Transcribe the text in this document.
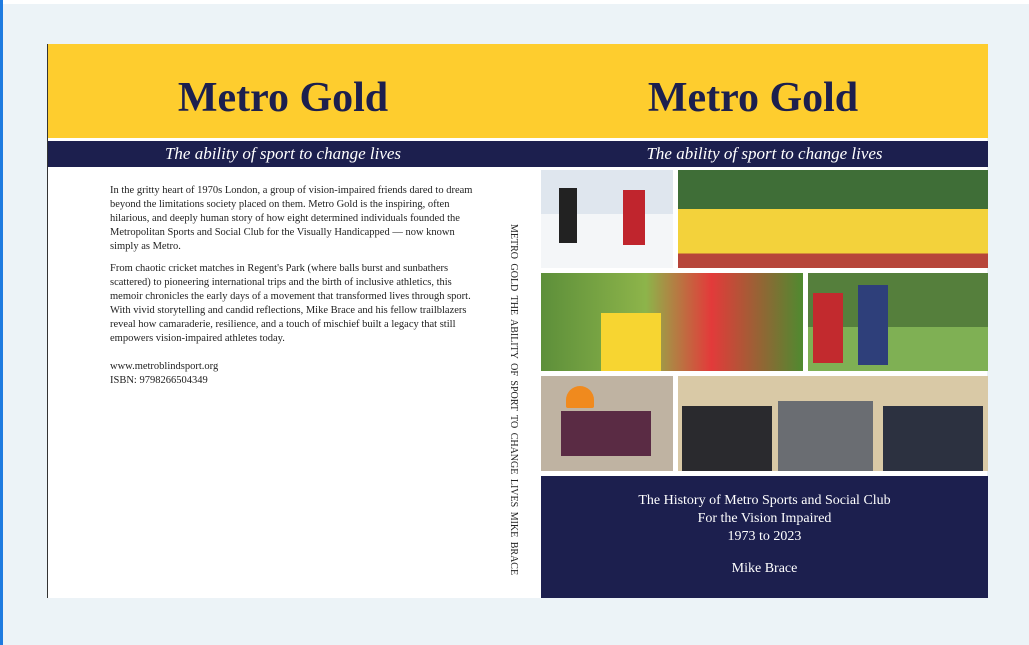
Metro Gold	Metro Gold
The ability of sport to change lives	The ability of sport to change lives

In the gritty heart of 1970s London, a group of vision-impaired friends dared to dream beyond the limitations society placed on them. Metro Gold is the inspiring, often hilarious, and deeply human story of how eight determined individuals founded the Metropolitan Sports and Social Club for the Visually Handicapped — now known simply as Metro.

From chaotic cricket matches in Regent's Park (where balls burst and sunbathers scattered) to pioneering international trips and the birth of inclusive athletics, this memoir chronicles the early days of a movement that transformed lives through sport. With vivid storytelling and candid reflections, Mike Brace and his fellow trailblazers reveal how camaraderie, resilience, and a touch of mischief built a legacy that still empowers vision-impaired athletes today.

www.metroblindsport.org

ISBN: 9798266504349	METRO GOLD THE ABILITY OF SPORT TO CHANGE LIVES MIKE BRACE	The History of Metro Sports and Social Club
For the Vision Impaired
1973 to 2023
Mike Brace
